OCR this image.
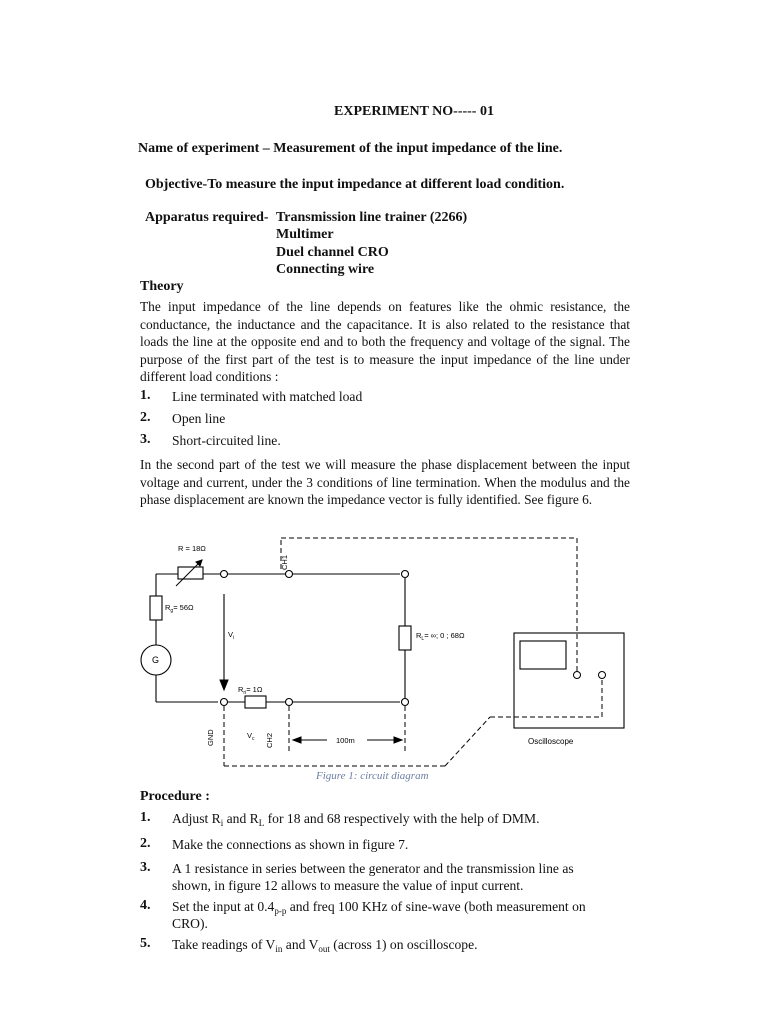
EXPERIMENT NO----- 01
Name of experiment – Measurement of the input impedance of the line.
Objective-To measure the input impedance at different load condition.
Apparatus required- Transmission line trainer (2266)
Multimer
Duel channel CRO
Connecting wire
Theory
The input impedance of the line depends on features like the ohmic resistance, the conductance, the inductance and the capacitance. It is also related to the resistance that loads the line at the opposite end and to both the frequency and voltage of the signal. The purpose of the first part of the test is to measure the input impedance of the line under different load conditions :
1. Line terminated with matched load
2. Open line
3. Short-circuited line.
In the second part of the test we will measure the phase displacement between the input voltage and current, under the 3 conditions of line termination. When the modulus and the phase displacement are known the impedance vector is fully identified. See figure 6.
R = 18Ω
$R_g= 56\Omega$
G
$V_i$	$R_L=$ ∞; 0 ; 68Ω
$R_{ri}= 1\Omega$
$V_c$	100m	Oscilloscope
CH1
GND	CH2
Figure 1: circuit diagram
Procedure :
1. Adjust $R_i$ and $R_L$ for 18 and 68 respectively with the help of DMM.
2. Make the connections as shown in figure 7.
3. A 1 resistance in series between the generator and the transmission line as
shown, in figure 12 allows to measure the value of input current.
4. Set the input at $0.4_{p-p}$ and freq 100 KHz of sine-wave (both measurement on
CRO).
5. Take readings of $V_{in}$ and $V_{out}$ (across 1) on oscilloscope.
